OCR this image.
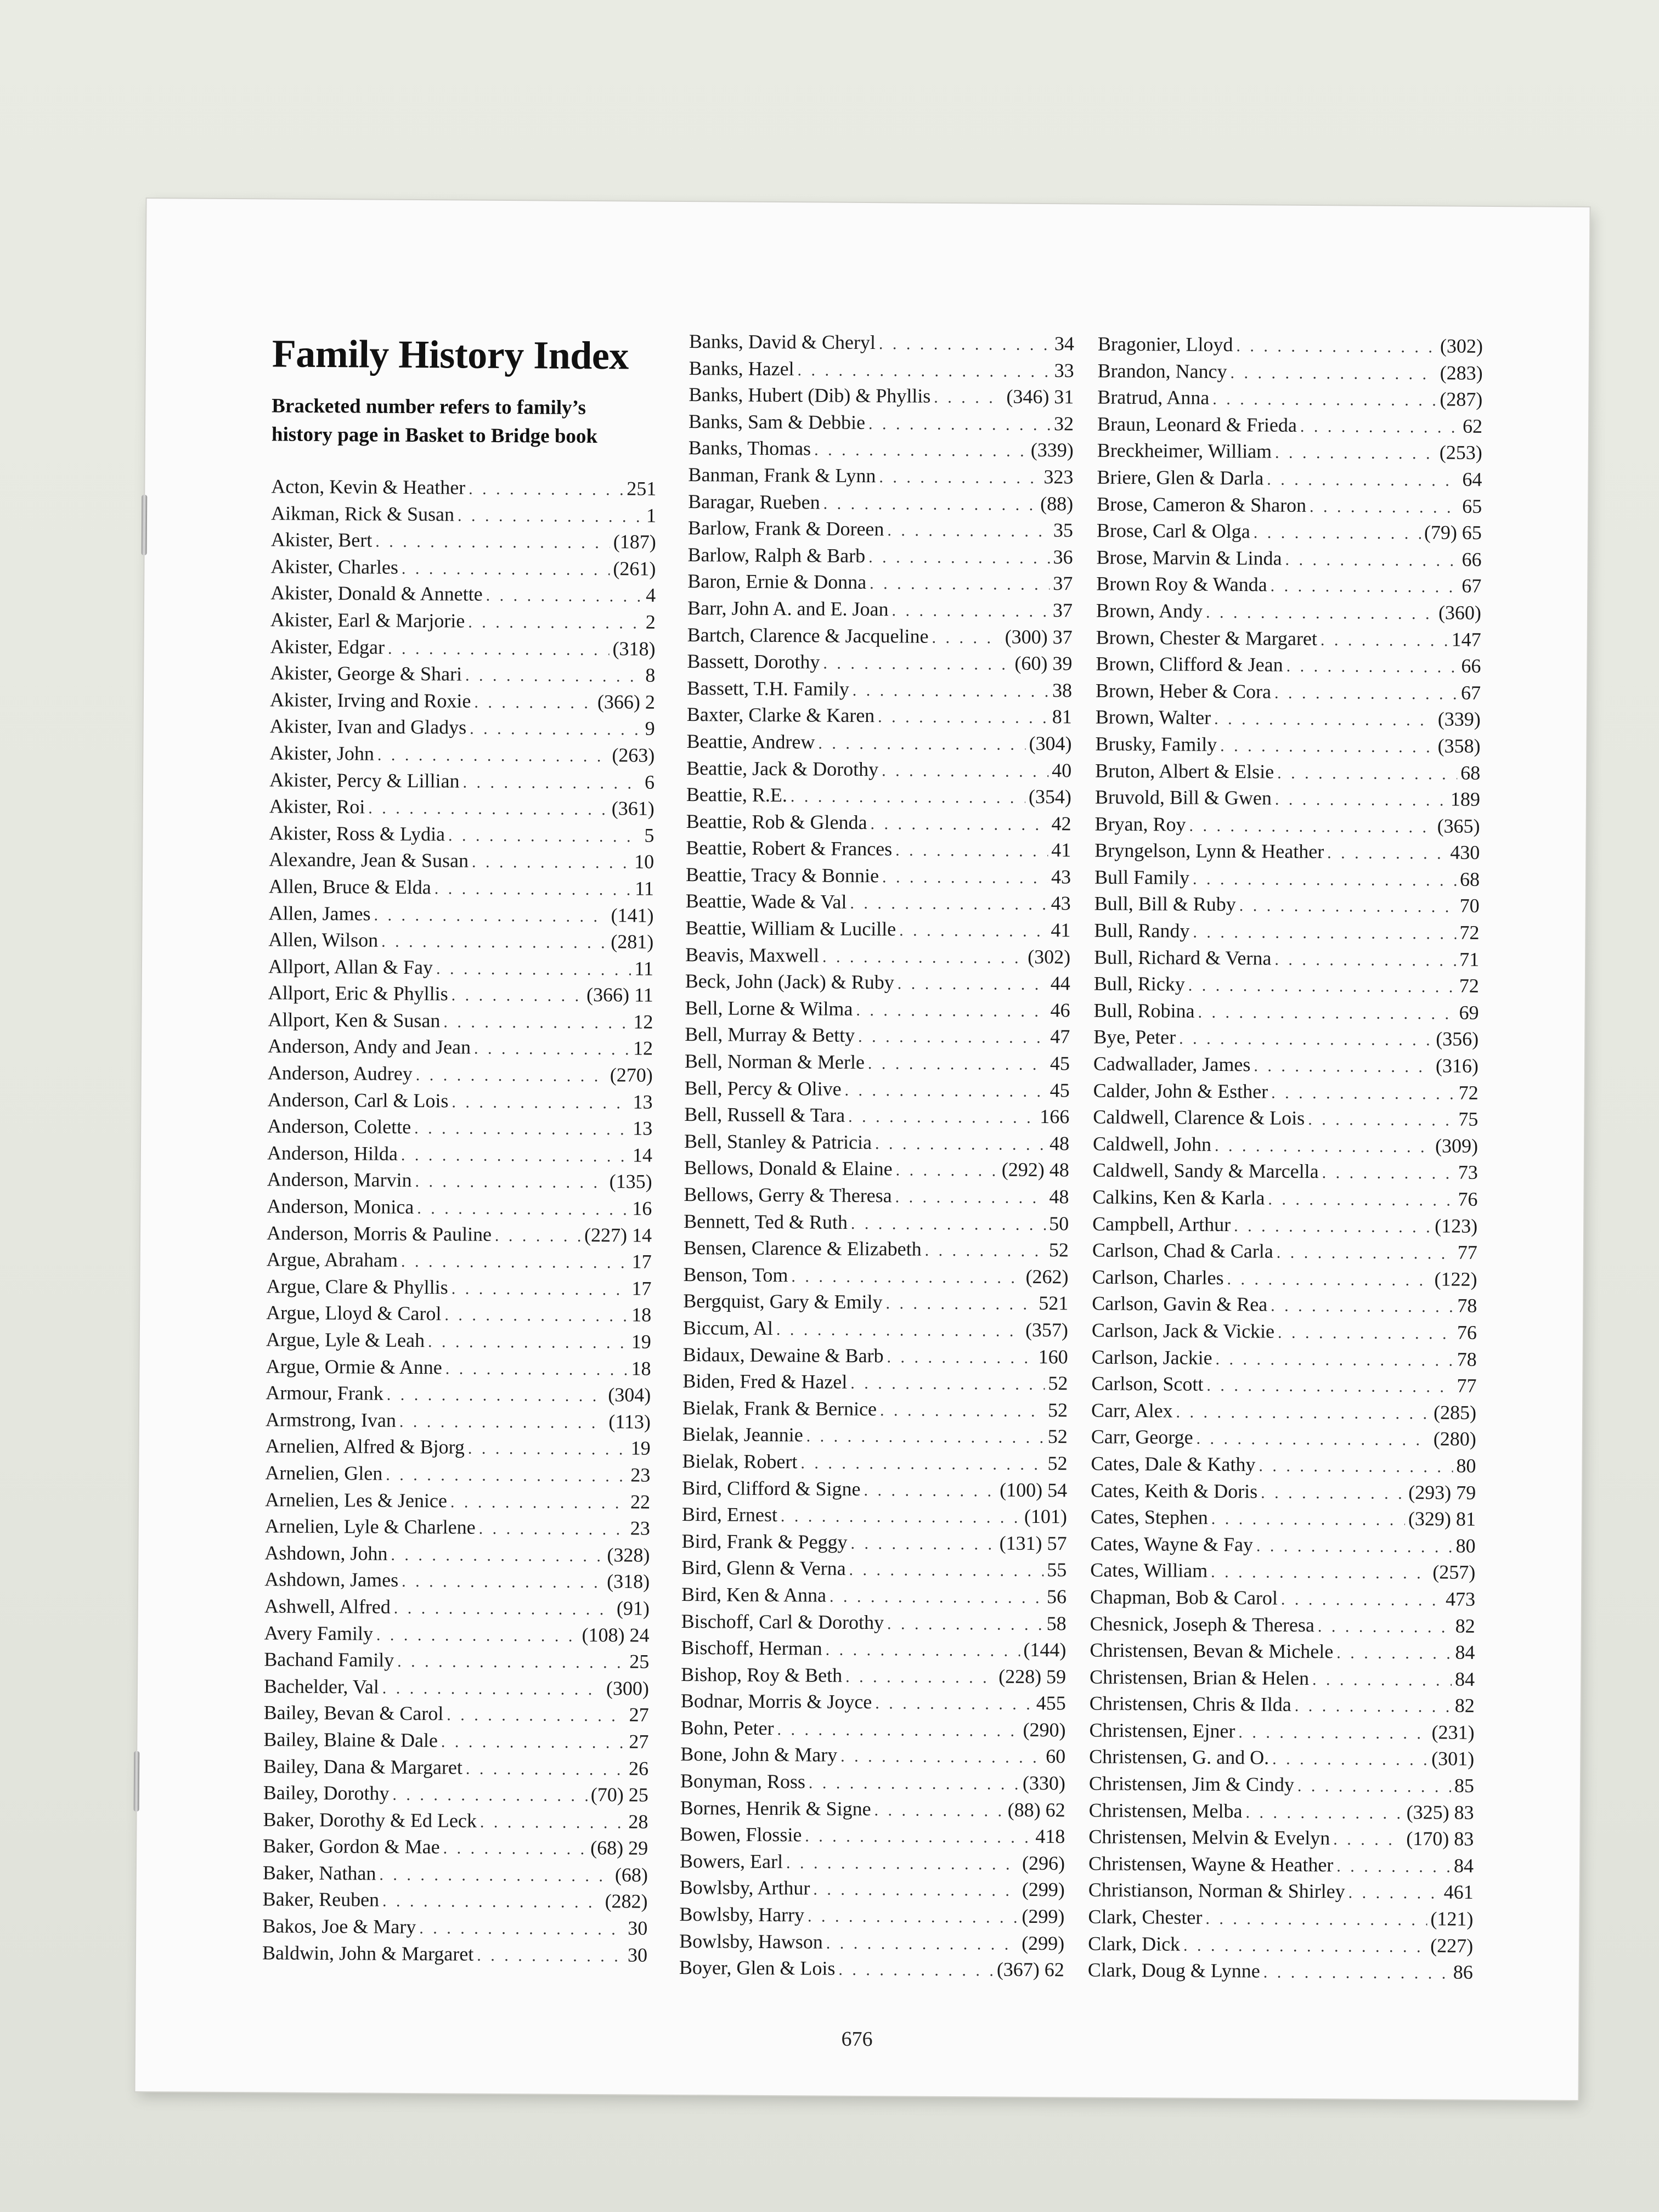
Family History Index
Bracketed number refers to family’s
history page in Basket to Bridge book
Acton, Kevin & Heather . . .	251
Aikman, Rick & Susan . . .	1
Akister, Bert . . .	(187)
Akister, Charles . . .	(261)
Akister, Donald & Annette . . .	4
Akister, Earl & Marjorie . . .	2
Akister, Edgar . . .	(318)
Akister, George & Shari . . .	8
Akister, Irving and Roxie . . .	(366) 2
Akister, Ivan and Gladys . . .	9
Akister, John . . .	(263)
Akister, Percy & Lillian . . .	6
Akister, Roi . . .	(361)
Akister, Ross & Lydia . . .	5
Alexandre, Jean & Susan . . .	10
Allen, Bruce & Elda . . .	11
Allen, James . . .	(141)
Allen, Wilson . . .	(281)
Allport, Allan & Fay . . .	11
Allport, Eric & Phyllis . . .	(366) 11
Allport, Ken & Susan . . .	12
Anderson, Andy and Jean . . .	12
Anderson, Audrey . . .	(270)
Anderson, Carl & Lois . . .	13
Anderson, Colette . . .	13
Anderson, Hilda . . .	14
Anderson, Marvin . . .	(135)
Anderson, Monica . . .	16
Anderson, Morris & Pauline . . .	(227) 14
Argue, Abraham . . .	17
Argue, Clare & Phyllis . . .	17
Argue, Lloyd & Carol . . .	18
Argue, Lyle & Leah . . .	19
Argue, Ormie & Anne . . .	18
Armour, Frank . . .	(304)
Armstrong, Ivan . . .	(113)
Arnelien, Alfred & Bjorg . . .	19
Arnelien, Glen . . .	23
Arnelien, Les & Jenice . . .	22
Arnelien, Lyle & Charlene . . .	23
Ashdown, John . . .	(328)
Ashdown, James . . .	(318)
Ashwell, Alfred . . .	(91)
Avery Family . . .	(108) 24
Bachand Family . . .	25
Bachelder, Val . . .	(300)
Bailey, Bevan & Carol . . .	27
Bailey, Blaine & Dale . . .	27
Bailey, Dana & Margaret . . .	26
Bailey, Dorothy . . .	(70) 25
Baker, Dorothy & Ed Leck . . .	28
Baker, Gordon & Mae . . .	(68) 29
Baker, Nathan . . .	(68)
Baker, Reuben . . .	(282)
Bakos, Joe & Mary . . .	30
Baldwin, John & Margaret . . .	30
Banks, David & Cheryl . . .	34
Banks, Hazel . . .	33
Banks, Hubert (Dib) & Phyllis . . .	(346) 31
Banks, Sam & Debbie . . .	32
Banks, Thomas . . .	(339)
Banman, Frank & Lynn . . .	323
Baragar, Rueben . . .	(88)
Barlow, Frank & Doreen . . .	35
Barlow, Ralph & Barb . . .	36
Baron, Ernie & Donna . . .	37
Barr, John A. and E. Joan . . .	37
Bartch, Clarence & Jacqueline . . .	(300) 37
Bassett, Dorothy . . .	(60) 39
Bassett, T.H. Family . . .	38
Baxter, Clarke & Karen . . .	81
Beattie, Andrew . . .	(304)
Beattie, Jack & Dorothy . . .	40
Beattie, R.E. . . .	(354)
Beattie, Rob & Glenda . . .	42
Beattie, Robert & Frances . . .	41
Beattie, Tracy & Bonnie . . .	43
Beattie, Wade & Val . . .	43
Beattie, William & Lucille . . .	41
Beavis, Maxwell . . .	(302)
Beck, John (Jack) & Ruby . . .	44
Bell, Lorne & Wilma . . .	46
Bell, Murray & Betty . . .	47
Bell, Norman & Merle . . .	45
Bell, Percy & Olive . . .	45
Bell, Russell & Tara . . .	166
Bell, Stanley & Patricia . . .	48
Bellows, Donald & Elaine . . .	(292) 48
Bellows, Gerry & Theresa . . .	48
Bennett, Ted & Ruth . . .	50
Bensen, Clarence & Elizabeth . . .	52
Benson, Tom . . .	(262)
Bergquist, Gary & Emily . . .	521
Biccum, Al . . .	(357)
Bidaux, Dewaine & Barb . . .	160
Biden, Fred & Hazel . . .	52
Bielak, Frank & Bernice . . .	52
Bielak, Jeannie . . .	52
Bielak, Robert . . .	52
Bird, Clifford & Signe . . .	(100) 54
Bird, Ernest . . .	(101)
Bird, Frank & Peggy . . .	(131) 57
Bird, Glenn & Verna . . .	55
Bird, Ken & Anna . . .	56
Bischoff, Carl & Dorothy . . .	58
Bischoff, Herman . . .	(144)
Bishop, Roy & Beth . . .	(228) 59
Bodnar, Morris & Joyce . . .	455
Bohn, Peter . . .	(290)
Bone, John & Mary . . .	60
Bonyman, Ross . . .	(330)
Bornes, Henrik & Signe . . .	(88) 62
Bowen, Flossie . . .	418
Bowers, Earl . . .	(296)
Bowlsby, Arthur . . .	(299)
Bowlsby, Harry . . .	(299)
Bowlsby, Hawson . . .	(299)
Boyer, Glen & Lois . . .	(367) 62
Bragonier, Lloyd . . .	(302)
Brandon, Nancy . . .	(283)
Bratrud, Anna . . .	(287)
Braun, Leonard & Frieda . . .	62
Breckheimer, William . . .	(253)
Briere, Glen & Darla . . .	64
Brose, Cameron & Sharon . . .	65
Brose, Carl & Olga . . .	(79) 65
Brose, Marvin & Linda . . .	66
Brown Roy & Wanda . . .	67
Brown, Andy . . .	(360)
Brown, Chester & Margaret . . .	147
Brown, Clifford & Jean . . .	66
Brown, Heber & Cora . . .	67
Brown, Walter . . .	(339)
Brusky, Family . . .	(358)
Bruton, Albert & Elsie . . .	68
Bruvold, Bill & Gwen . . .	189
Bryan, Roy . . .	(365)
Bryngelson, Lynn & Heather . . .	430
Bull Family . . .	68
Bull, Bill & Ruby . . .	70
Bull, Randy . . .	72
Bull, Richard & Verna . . .	71
Bull, Ricky . . .	72
Bull, Robina . . .	69
Bye, Peter . . .	(356)
Cadwallader, James . . .	(316)
Calder, John & Esther . . .	72
Caldwell, Clarence & Lois . . .	75
Caldwell, John . . .	(309)
Caldwell, Sandy & Marcella . . .	73
Calkins, Ken & Karla . . .	76
Campbell, Arthur . . .	(123)
Carlson, Chad & Carla . . .	77
Carlson, Charles . . .	(122)
Carlson, Gavin & Rea . . .	78
Carlson, Jack & Vickie . . .	76
Carlson, Jackie . . .	78
Carlson, Scott . . .	77
Carr, Alex . . .	(285)
Carr, George . . .	(280)
Cates, Dale & Kathy . . .	80
Cates, Keith & Doris . . .	(293) 79
Cates, Stephen . . .	(329) 81
Cates, Wayne & Fay . . .	80
Cates, William . . .	(257)
Chapman, Bob & Carol . . .	473
Chesnick, Joseph & Theresa . . .	82
Christensen, Bevan & Michele . . .	84
Christensen, Brian & Helen . . .	84
Christensen, Chris & Ilda . . .	82
Christensen, Ejner . . .	(231)
Christensen, G. and O. . . .	(301)
Christensen, Jim & Cindy . . .	85
Christensen, Melba . . .	(325) 83
Christensen, Melvin & Evelyn . . .	(170) 83
Christensen, Wayne & Heather . . .	84
Christianson, Norman & Shirley . . .	461
Clark, Chester . . .	(121)
Clark, Dick . . .	(227)
Clark, Doug & Lynne . . .	86
676
